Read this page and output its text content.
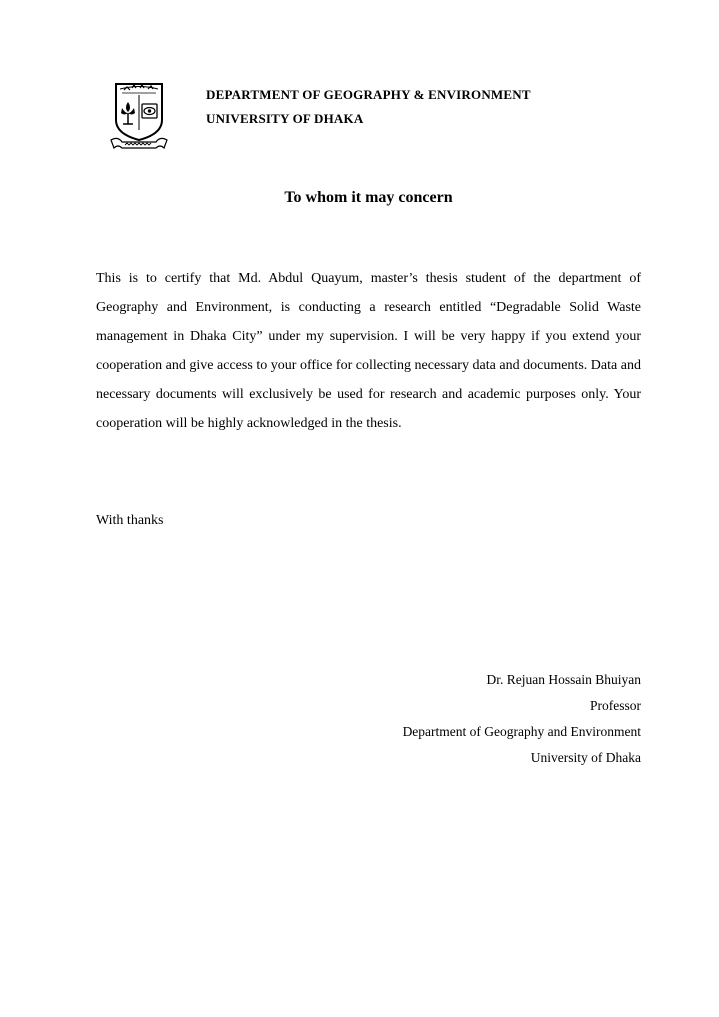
DEPARTMENT OF GEOGRAPHY & ENVIRONMENT
UNIVERSITY OF DHAKA
To whom it may concern
This is to certify that Md. Abdul Quayum, master’s thesis student of the department of Geography and Environment, is conducting a research entitled “Degradable Solid Waste management in Dhaka City” under my supervision. I will be very happy if you extend your cooperation and give access to your office for collecting necessary data and documents. Data and necessary documents will exclusively be used for research and academic purposes only. Your cooperation will be highly acknowledged in the thesis.
With thanks
Dr. Rejuan Hossain Bhuiyan
Professor
Department of Geography and Environment
University of Dhaka
